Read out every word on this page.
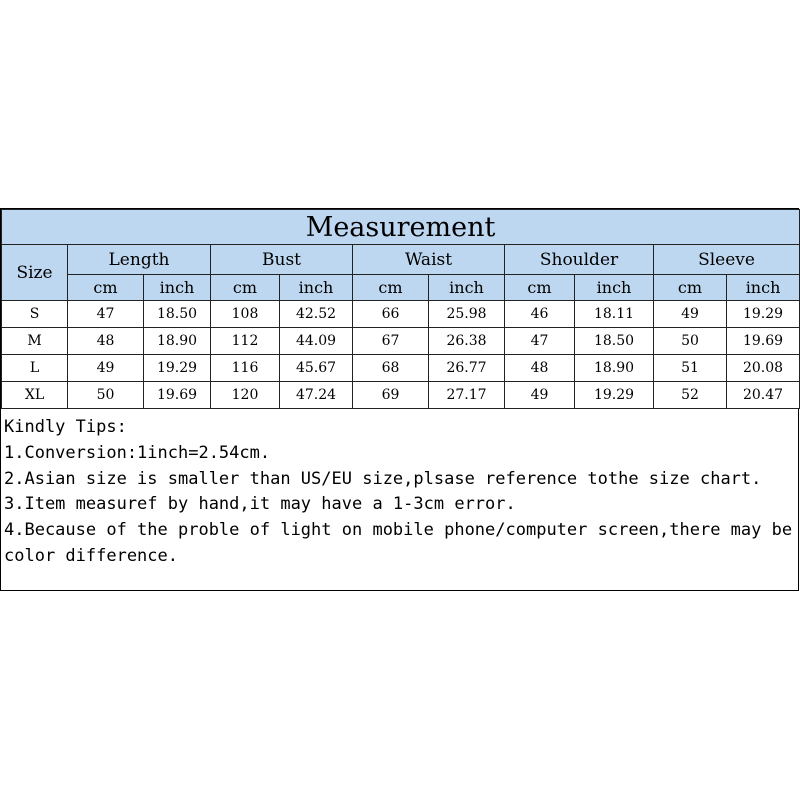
Measurement										
Size	Length		Bust		Waist		Shoulder		Sleeve	
	cm	inch	cm	inch	cm	inch	cm	inch	cm	inch
S	47	18.50	108	42.52	66	25.98	46	18.11	49	19.29
M	48	18.90	112	44.09	67	26.38	47	18.50	50	19.69
L	49	19.29	116	45.67	68	26.77	48	18.90	51	20.08
XL	50	19.69	120	47.24	69	27.17	49	19.29	52	20.47

Kindly Tips:

1.Conversion:1inch=2.54cm.

2.Asian size is smaller than US/EU size,plsase reference tothe size chart.

3.Item measuref by hand,it may have a 1-3cm error.

4.Because of the proble of light on mobile phone/computer screen,there may be color difference.
